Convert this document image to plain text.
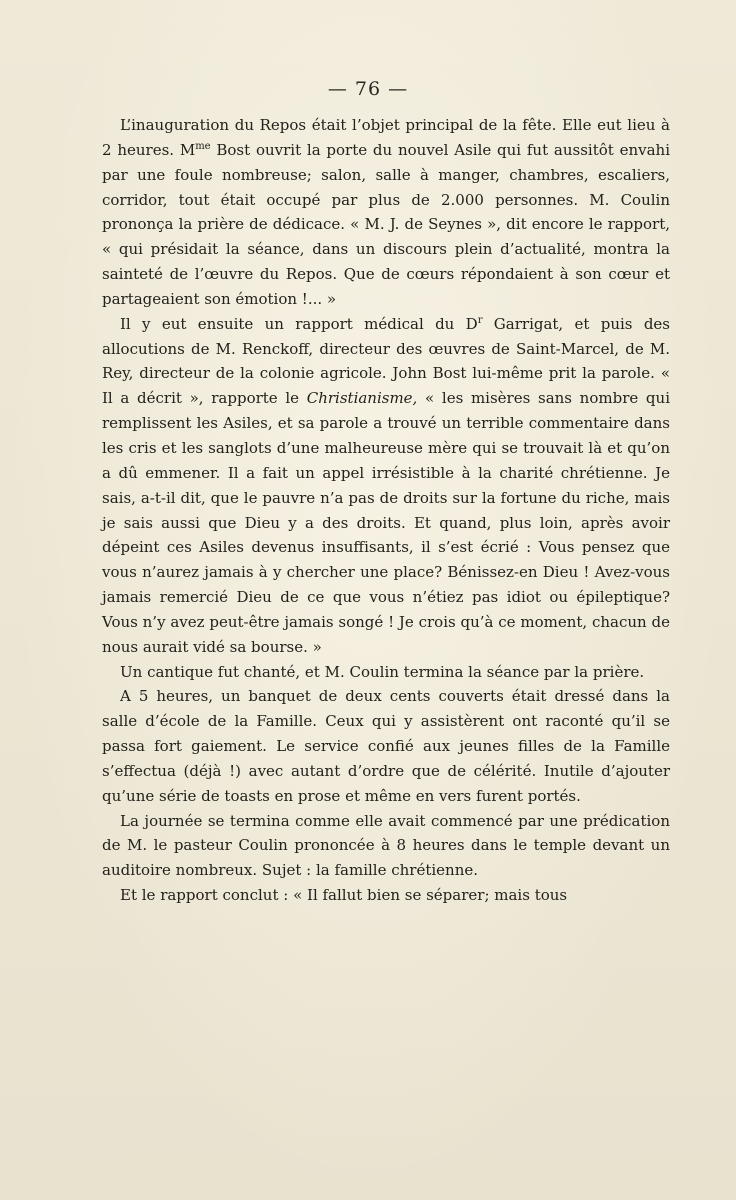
— 76 —

L’inauguration du Repos était l’objet principal de la fête. Elle eut lieu à 2 heures. $M^{me}$ Bost ouvrit la porte du nouvel Asile qui fut aussitôt envahi par une foule nombreuse; salon, salle à manger, chambres, escaliers, corridor, tout était occupé par plus de 2.000 personnes. M. Coulin prononça la prière de dédicace. « M. J. de Seynes », dit encore le rapport, « qui présidait la séance, dans un discours plein d’actualité, montra la sainteté de l’œuvre du Repos. Que de cœurs répondaient à son cœur et partageaient son émotion !... »

Il y eut ensuite un rapport médical du $D^r$ Garrigat, et puis des allocutions de M. Renckoff, directeur des œuvres de Saint-Marcel, de M. Rey, directeur de la colonie agricole. John Bost lui-même prit la parole. « Il a décrit », rapporte le Christianisme, « les misères sans nombre qui remplissent les Asiles, et sa parole a trouvé un terrible commentaire dans les cris et les sanglots d’une malheureuse mère qui se trouvait là et qu’on a dû emmener. Il a fait un appel irrésistible à la charité chrétienne. Je sais, a-t-il dit, que le pauvre n’a pas de droits sur la fortune du riche, mais je sais aussi que Dieu y a des droits. Et quand, plus loin, après avoir dépeint ces Asiles devenus insuffisants, il s’est écrié : Vous pensez que vous n’aurez jamais à y chercher une place? Bénissez-en Dieu ! Avez-vous jamais remercié Dieu de ce que vous n’étiez pas idiot ou épileptique? Vous n’y avez peut-être jamais songé ! Je crois qu’à ce moment, chacun de nous aurait vidé sa bourse. »

Un cantique fut chanté, et M. Coulin termina la séance par la prière.

A 5 heures, un banquet de deux cents couverts était dressé dans la salle d’école de la Famille. Ceux qui y assistèrent ont raconté qu’il se passa fort gaiement. Le service confié aux jeunes filles de la Famille s’effectua (déjà !) avec autant d’ordre que de célérité. Inutile d’ajouter qu’une série de toasts en prose et même en vers furent portés.

La journée se termina comme elle avait commencé par une prédication de M. le pasteur Coulin prononcée à 8 heures dans le temple devant un auditoire nombreux. Sujet : la famille chrétienne.

Et le rapport conclut : « Il fallut bien se séparer; mais tous
